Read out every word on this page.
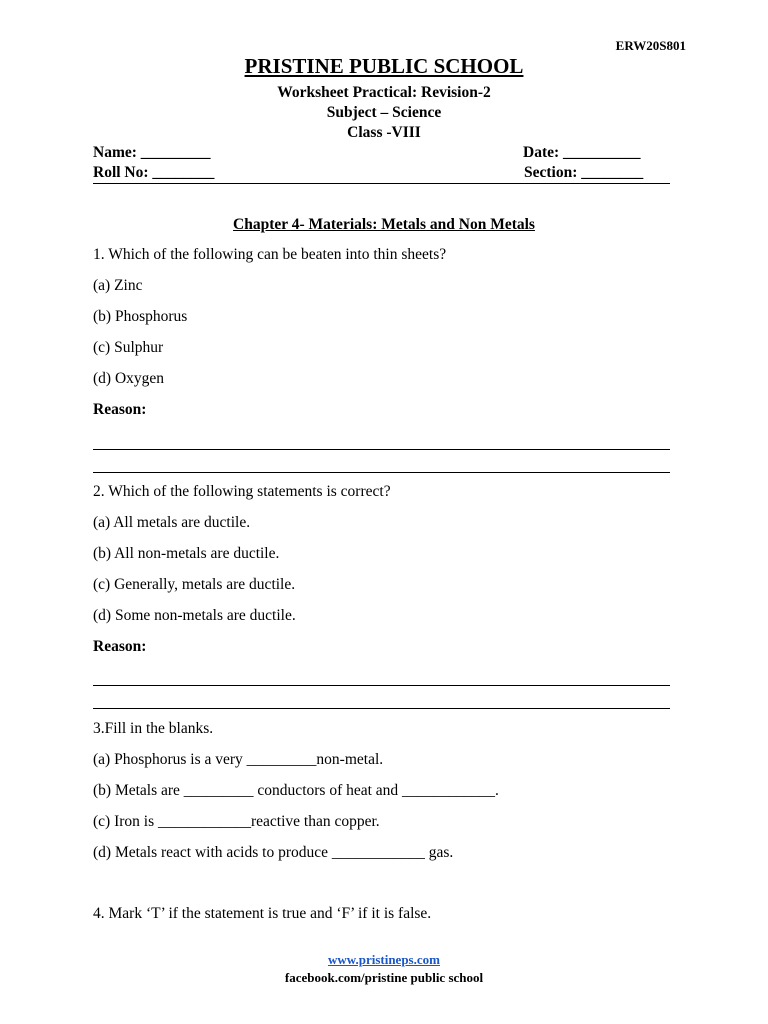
ERW20S801
PRISTINE PUBLIC SCHOOL
Worksheet Practical: Revision-2
Subject – Science
Class -VIII
Name: _________	Date: __________
Roll No: ________	Section: ________
Chapter 4- Materials: Metals and Non Metals
1. Which of the following can be beaten into thin sheets?
(a) Zinc
(b) Phosphorus
(c) Sulphur
(d) Oxygen
Reason:
2. Which of the following statements is correct?
(a) All metals are ductile.
(b) All non-metals are ductile.
(c) Generally, metals are ductile.
(d) Some non-metals are ductile.
Reason:
3.Fill in the blanks.
(a) Phosphorus is a very _________non-metal.
(b) Metals are _________ conductors of heat and ____________.
(c) Iron is ____________reactive than copper.
(d) Metals react with acids to produce ____________ gas.
4. Mark ‘T’ if the statement is true and ‘F’ if it is false.
www.pristineps.com
facebook.com/pristine public school
